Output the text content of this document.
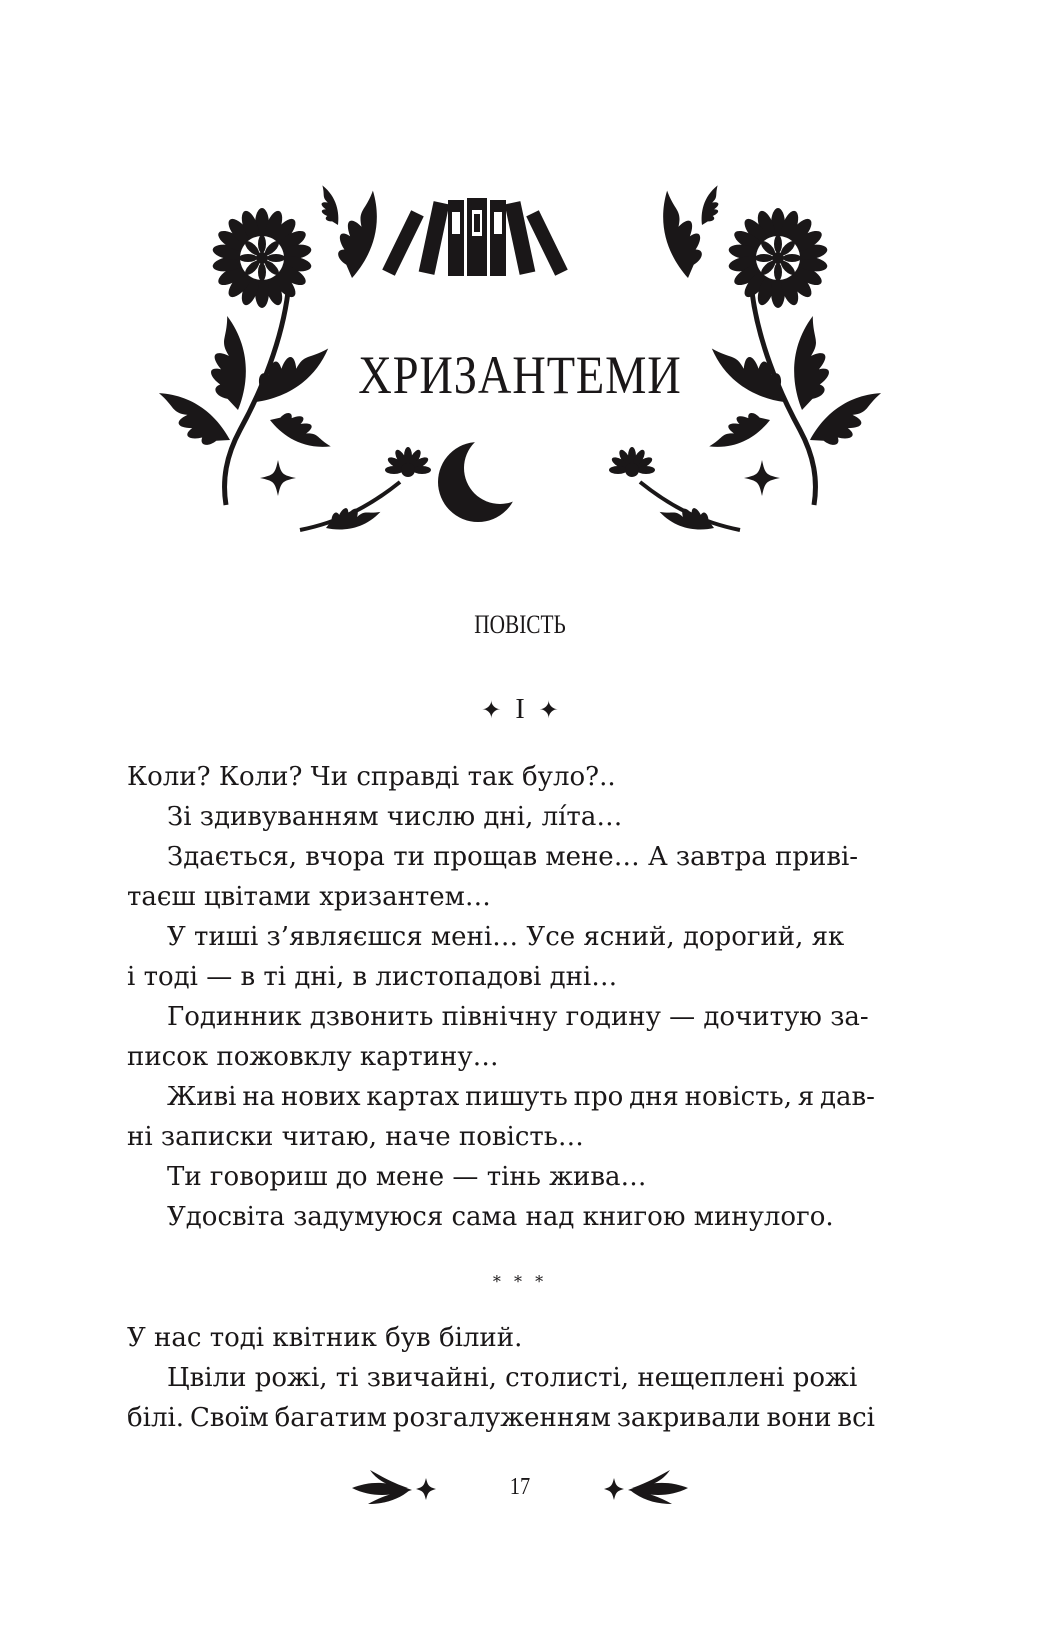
ХРИЗАНТЕМИ
ПОВІСТЬ
✦ I ✦

Коли? Коли? Чи справді так було?..

Зі здивуванням числю дні, лі́та…

Здається, вчора ти прощав мене… А завтра приві-

таєш цвітами хризантем…

У тиші з’являєшся мені… Усе ясний, дорогий, як

і тоді — в ті дні, в листопадові дні…

Годинник дзвонить північну годину — дочитую за-

писок пожовклу картину…

Живі на нових картах пишуть про дня новість, я дав-

ні записки читаю, наче повість…

Ти говориш до мене — тінь жива…

Удосвіта задумуюся сама над книгою минулого.

* * *

У нас тоді квітник був білий.

Цвіли рожі, ті звичайні, столисті, нещеплені рожі

білі. Своїм багатим розгалуженням закривали вони всі

17
